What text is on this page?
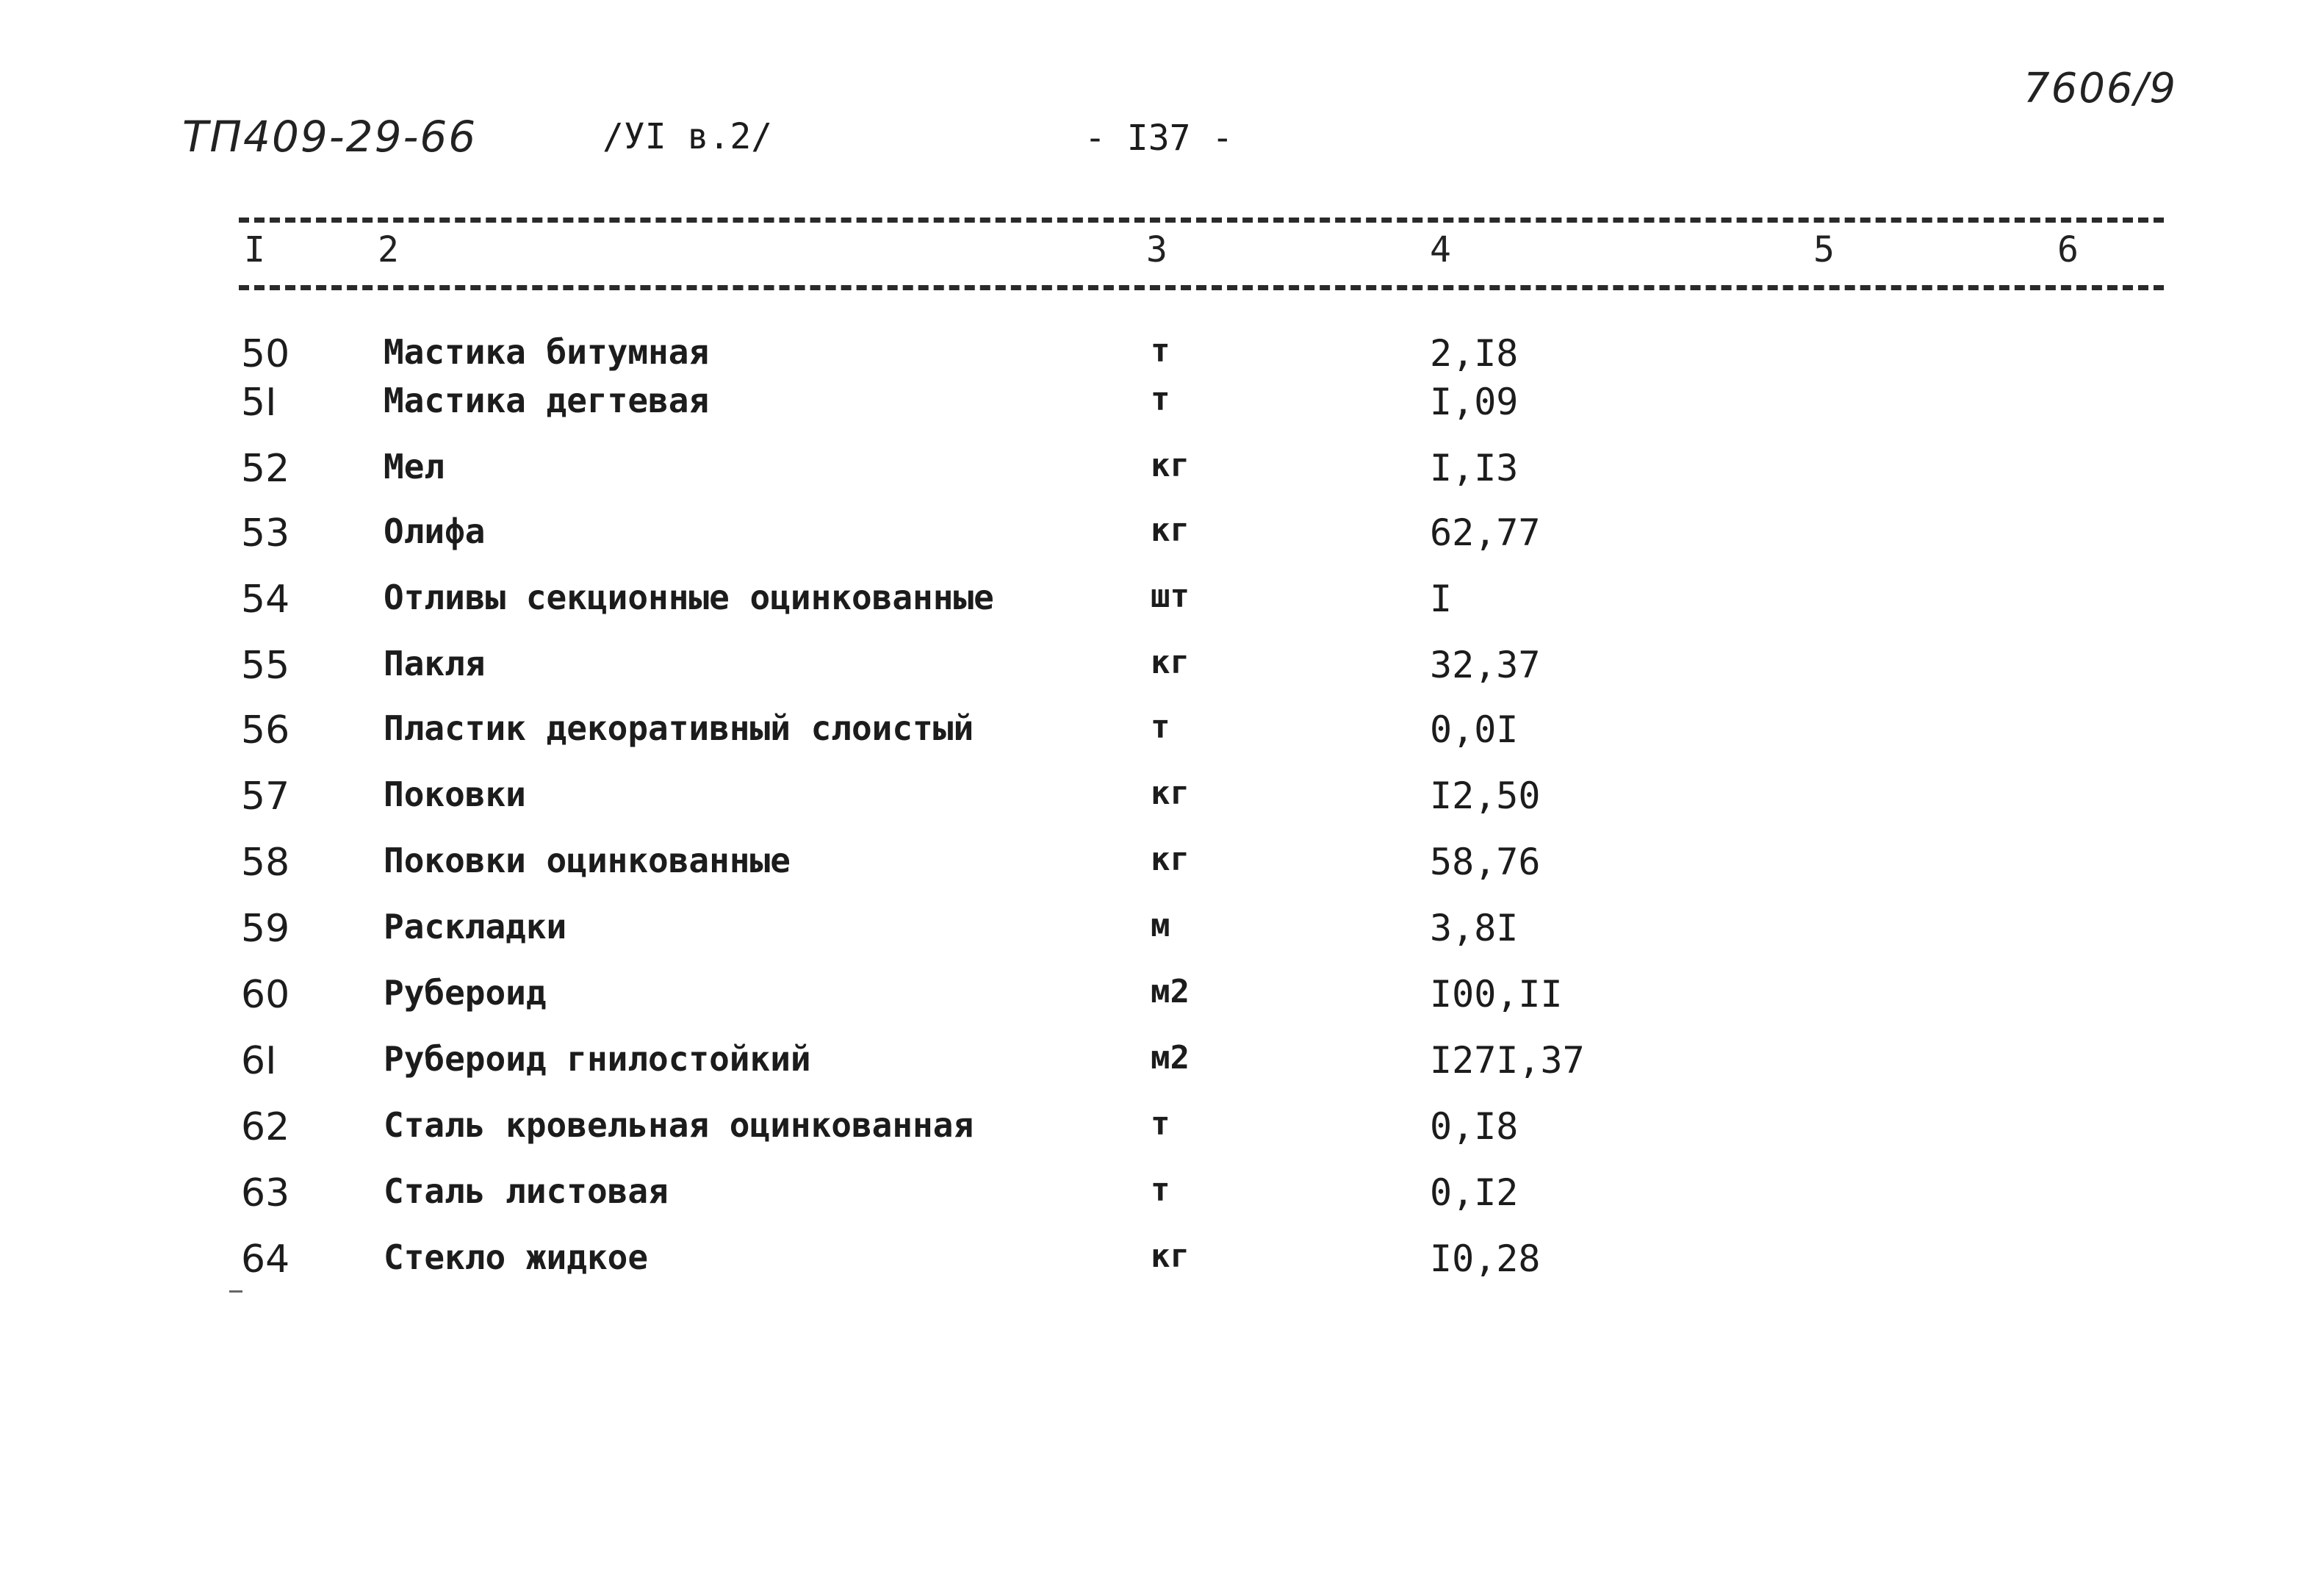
ТП409-29-66	/УI в.2/	- I37 -
7606/9
I	2	3	4	5	6
50	Мастика битумная	т	2,I8
5I	Мастика дегтевая	т	I,09
52	Мел	кг	I,I3
53	Олифа	кг	62,77
54	Отливы секционные оцинкованные	шт	I
55	Пакля	кг	32,37
56	Пластик декоративный слоистый	т	0,0I
57	Поковки	кг	I2,50
58	Поковки оцинкованные	кг	58,76
59	Раскладки	м	3,8I
60	Рубероид	м2	I00,II
6I	Рубероид гнилостойкий	м2	I27I,37
62	Сталь кровельная оцинкованная	т	0,I8
63	Сталь листовая	т	0,I2
64	Стекло жидкое	кг	I0,28
